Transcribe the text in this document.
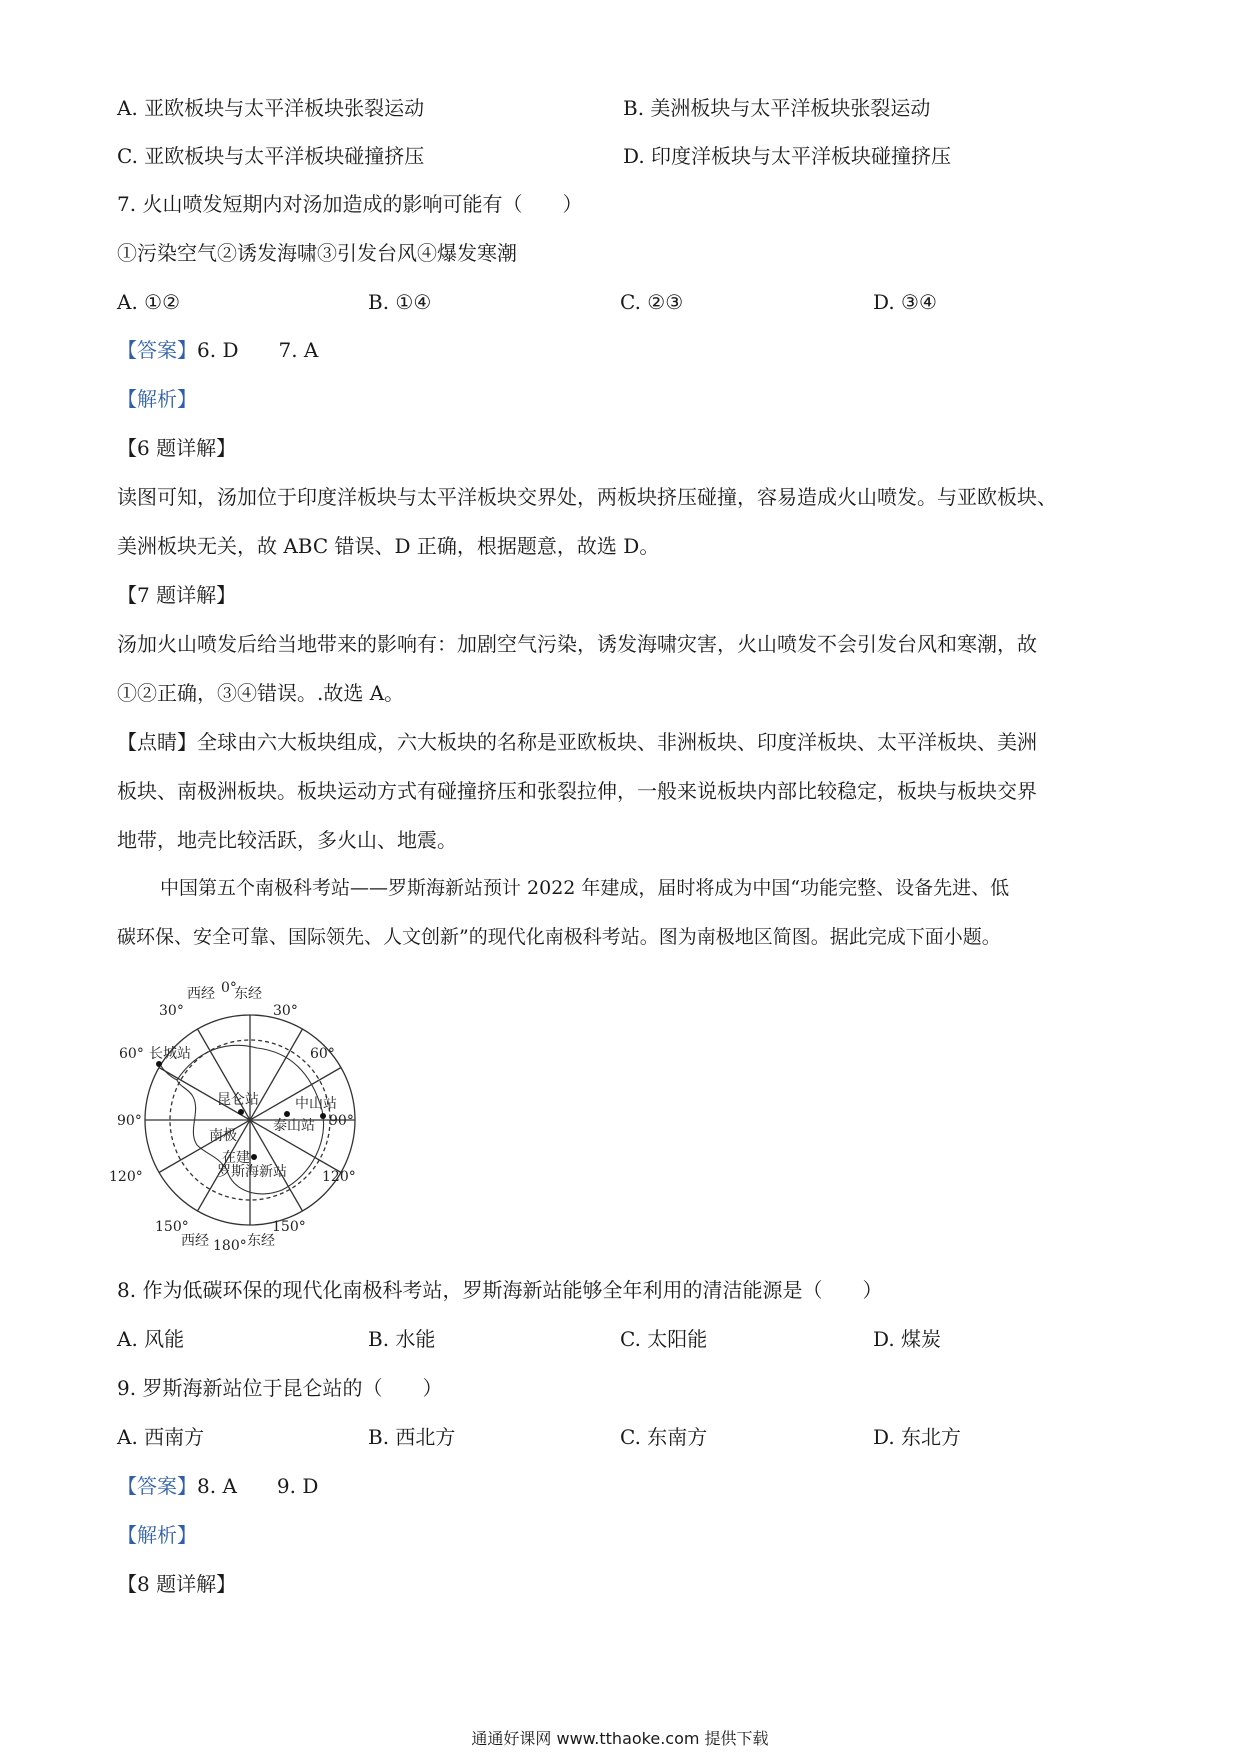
A. 亚欧板块与太平洋板块张裂运动	B. 美洲板块与太平洋板块张裂运动
C. 亚欧板块与太平洋板块碰撞挤压	D. 印度洋板块与太平洋板块碰撞挤压
7. 火山喷发短期内对汤加造成的影响可能有（　　）
①污染空气②诱发海啸③引发台风④爆发寒潮
A. ①②	B. ①④	C. ②③	D. ③④
【答案】6. D　　7. A
【解析】
【6 题详解】
读图可知，汤加位于印度洋板块与太平洋板块交界处，两板块挤压碰撞，容易造成火山喷发。与亚欧板块、
美洲板块无关，故 ABC 错误、D 正确，根据题意，故选 D。
【7 题详解】
汤加火山喷发后给当地带来的影响有：加剧空气污染，诱发海啸灾害，火山喷发不会引发台风和寒潮，故
①②正确，③④错误。.故选 A。
【点睛】全球由六大板块组成，六大板块的名称是亚欧板块、非洲板块、印度洋板块、太平洋板块、美洲
板块、南极洲板块。板块运动方式有碰撞挤压和张裂拉伸，一般来说板块内部比较稳定，板块与板块交界
地带，地壳比较活跃，多火山、地震。
中国第五个南极科考站——罗斯海新站预计 2022 年建成，届时将成为中国“功能完整、设备先进、低
碳环保、安全可靠、国际领先、人文创新”的现代化南极科考站。图为南极地区简图。据此完成下面小题。
西经 0°
东经
30°	30°
60°	60°
90°	90°
120°	120°
150°	150°
西经 180° 东经
长城站
昆仑站	中山站
泰山站
南极
在建
罗斯海新站
8. 作为低碳环保的现代化南极科考站，罗斯海新站能够全年利用的清洁能源是（　　）
A. 风能	B. 水能	C. 太阳能	D. 煤炭
9. 罗斯海新站位于昆仑站的（　　）
A. 西南方	B. 西北方	C. 东南方	D. 东北方
【答案】8. A　　9. D
【解析】
【8 题详解】
通通好课网 www.tthaoke.com 提供下载
